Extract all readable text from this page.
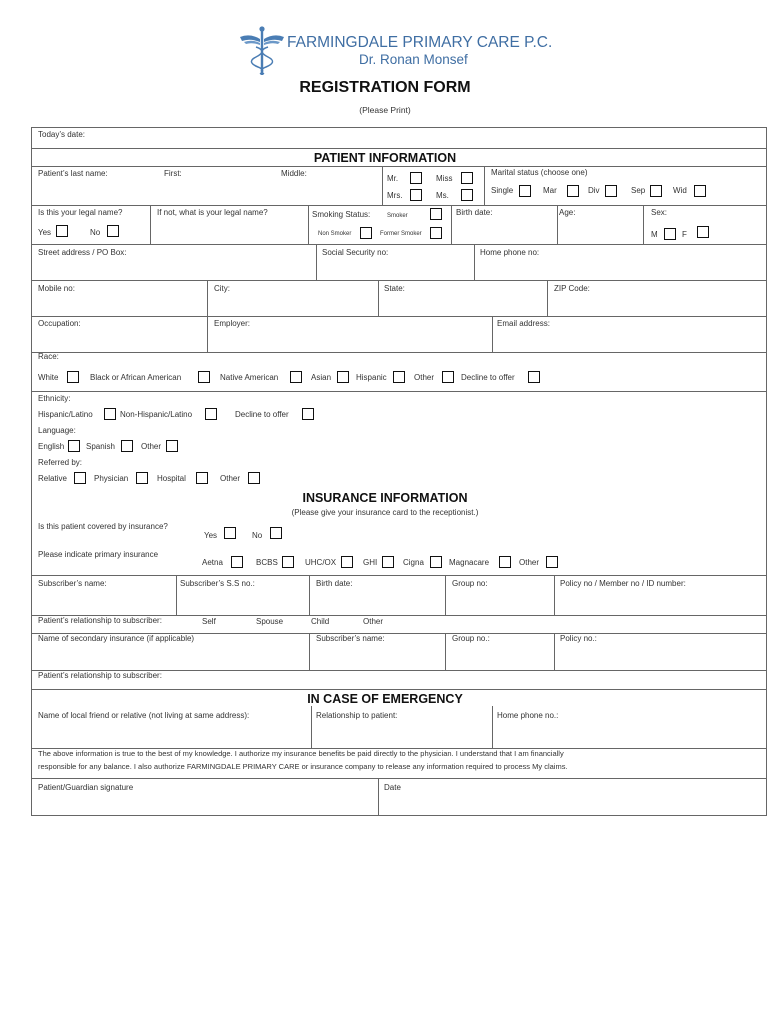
FARMINGDALE PRIMARY CARE P.C.
Dr. Ronan Monsef
REGISTRATION FORM
(Please Print)
Today’s date:
PATIENT INFORMATION
Patient’s last name:	First:	Middle:
Mr.	Miss
Mrs.	Ms.
Marital status (choose one)
Single	Mar	Div	Sep	Wid
Is this your legal name?	If not, what is your legal name?
Yes	No
Smoking Status:	Smoker
Non Smoker	Former Smoker
Birth date:	Age:	Sex:
M	F
Street address / PO Box:	Social Security no:	Home phone no:
Mobile no:	City:	State:	ZIP Code:
Occupation:	Employer:	Email address:
Race:
White	Black or African American	Native American	Asian	Hispanic	Other	Decline to offer
Ethnicity:
Hispanic/Latino	Non-Hispanic/Latino	Decline to offer
Language:
English	Spanish	Other
Referred by:
Relative	Physician	Hospital	Other
INSURANCE INFORMATION
(Please give your insurance card to the receptionist.)
Is this patient covered by insurance?
Yes	No
Please indicate primary insurance
Aetna	BCBS	UHC/OX	GHI	Cigna	Magnacare	Other
Subscriber’s name:	Subscriber’s S.S no.:	Birth date:	Group no:	Policy no / Member no / ID number:
Patient’s relationship to subscriber:	Self	Spouse	Child	Other
Name of secondary insurance (if applicable)	Subscriber’s name:	Group no.:	Policy no.:
Patient’s relationship to subscriber:
IN CASE OF EMERGENCY
Name of local friend or relative (not living at same address):	Relationship to patient:	Home phone no.:
The above information is true to the best of my knowledge. I authorize my insurance benefits be paid directly to the physician. I understand that I am financially
responsible for any balance. I also authorize FARMINGDALE PRIMARY CARE or insurance company to release any information required to process My claims.
Patient/Guardian signature	Date
